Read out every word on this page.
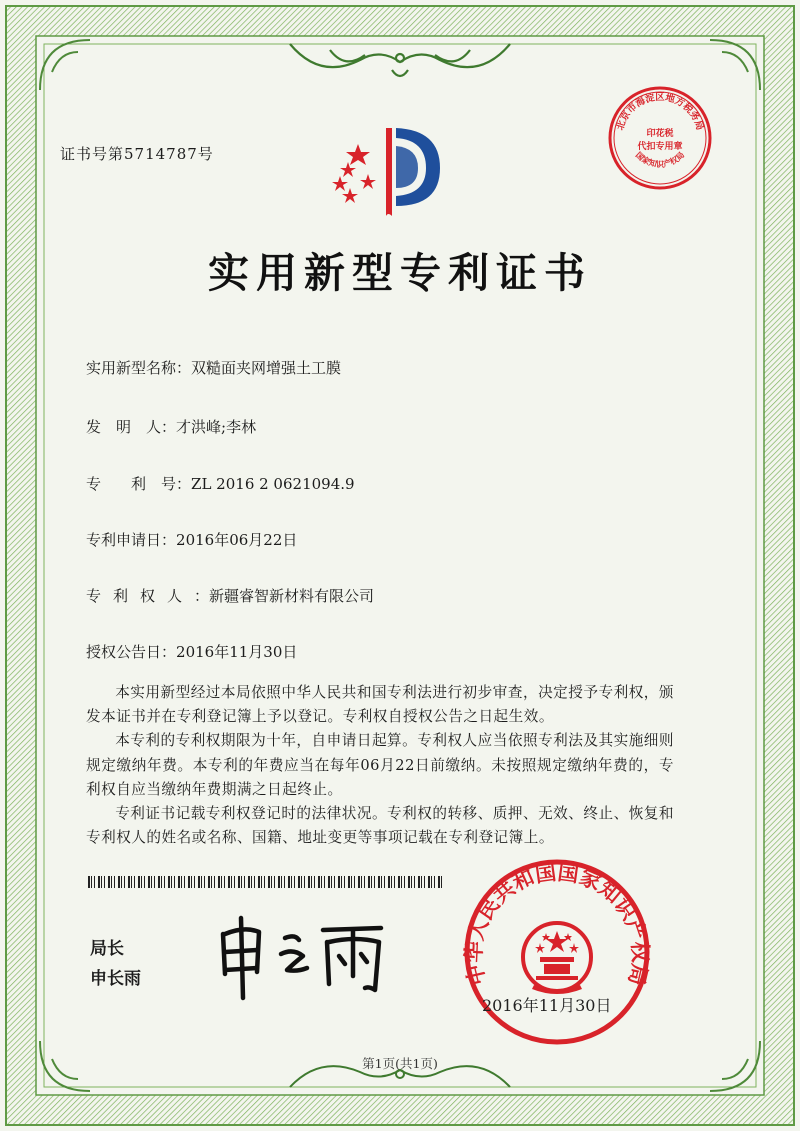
证书号第5714787号
北京市海淀区地方税务局
国家知识产权局
印花税
代扣专用章
实用新型专利证书
实用新型名称：双糙面夹网增强土工膜
发　明　人：才洪峰;李林
专　　利　号：ZL 2016 2 0621094.9
专利申请日：2016年06月22日
专利权人：新疆睿智新材料有限公司
授权公告日：2016年11月30日

本实用新型经过本局依照中华人民共和国专利法进行初步审查，决定授予专利权，颁发本证书并在专利登记簿上予以登记。专利权自授权公告之日起生效。

本专利的专利权期限为十年，自申请日起算。专利权人应当依照专利法及其实施细则规定缴纳年费。本专利的年费应当在每年06月22日前缴纳。未按照规定缴纳年费的，专利权自应当缴纳年费期满之日起终止。

专利证书记载专利权登记时的法律状况。专利权的转移、质押、无效、终止、恢复和专利权人的姓名或名称、国籍、地址变更等事项记载在专利登记簿上。

局长
申长雨	中华人民共和国国家知识产权局
2016年11月30日
第1页(共1页)
